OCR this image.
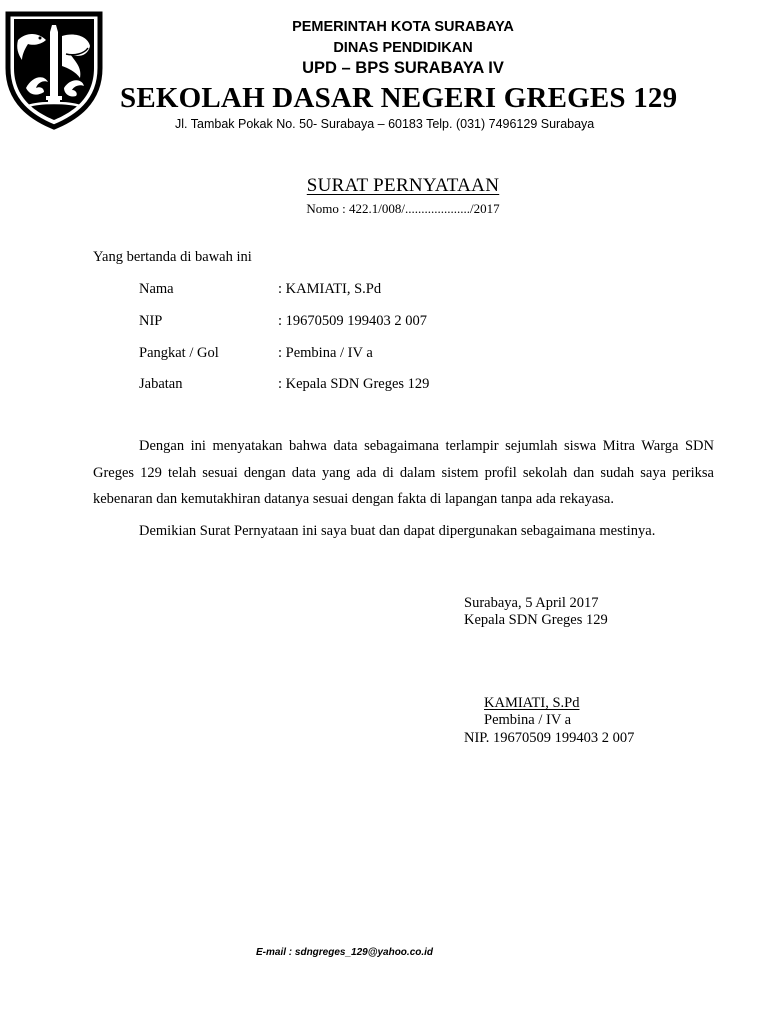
PEMERINTAH KOTA SURABAYA
DINAS PENDIDIKAN
UPD – BPS SURABAYA IV
SEKOLAH DASAR NEGERI GREGES 129
Jl. Tambak Pokak No. 50- Surabaya – 60183 Telp. (031) 7496129 Surabaya
SURAT PERNYATAAN
Nomo : 422.1/008/..................../2017
Yang bertanda di bawah ini
Nama	: KAMIATI, S.Pd
NIP	: 19670509 199403 2 007
Pangkat / Gol	: Pembina / IV a
Jabatan	: Kepala SDN Greges 129

Dengan ini menyatakan bahwa data sebagaimana terlampir sejumlah siswa Mitra Warga SDN Greges 129 telah sesuai dengan data yang ada di dalam sistem profil sekolah dan sudah saya periksa kebenaran dan kemutakhiran datanya sesuai dengan fakta di lapangan tanpa ada rekayasa.

Demikian Surat Pernyataan ini saya buat dan dapat dipergunakan sebagaimana mestinya.
Surabaya, 5 April 2017
Kepala SDN Greges 129
KAMIATI, S.Pd
Pembina / IV a
NIP. 19670509 199403 2 007
E-mail : sdngreges_129@yahoo.co.id
